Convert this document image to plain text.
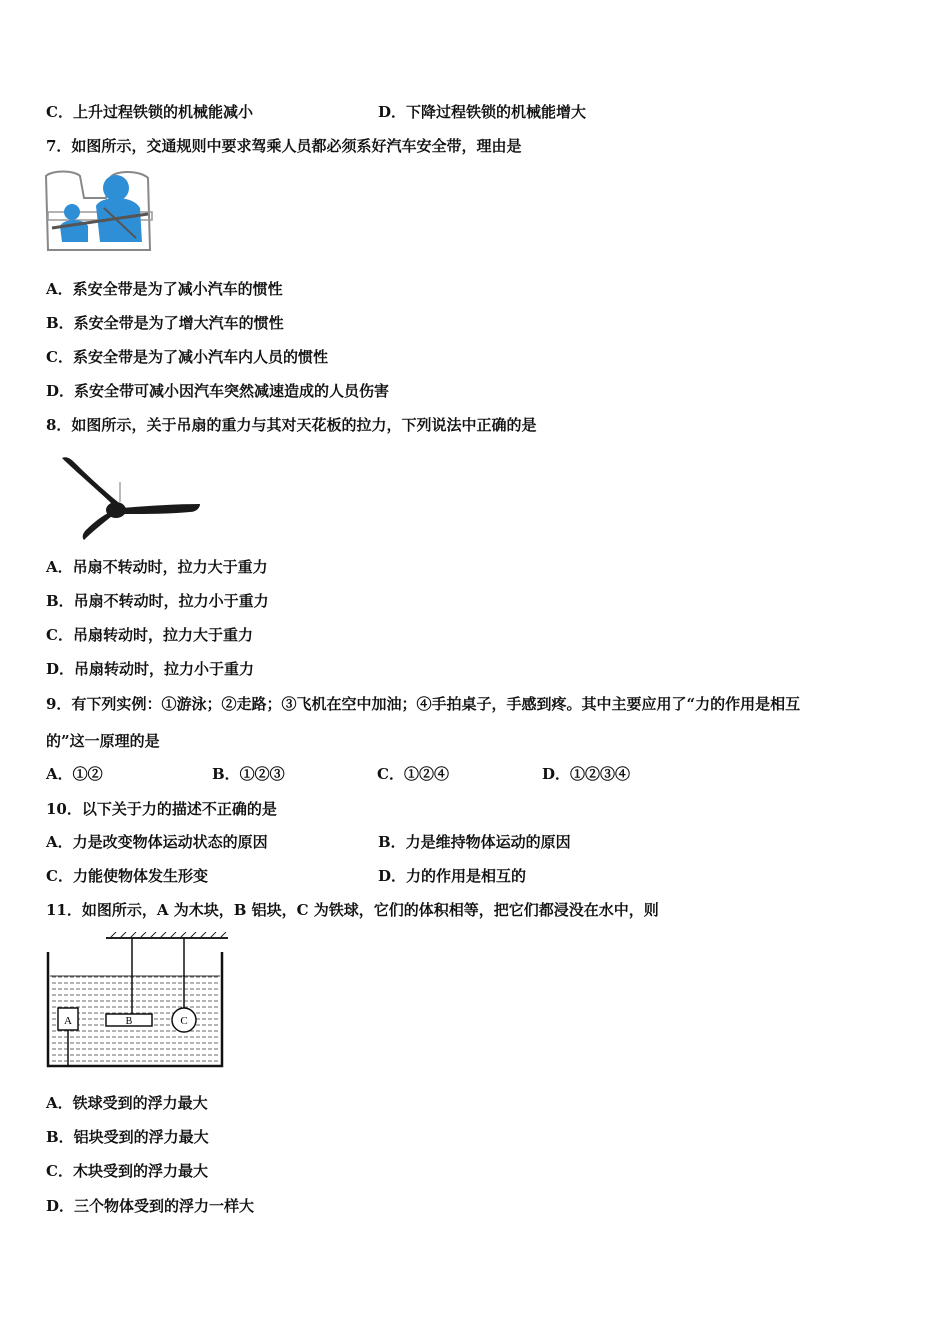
C．上升过程铁锁的机械能减小	D．下降过程铁锁的机械能增大
7．如图所示，交通规则中要求驾乘人员都必须系好汽车安全带，理由是
A．系安全带是为了减小汽车的惯性
B．系安全带是为了增大汽车的惯性
C．系安全带是为了减小汽车内人员的惯性
D．系安全带可减小因汽车突然减速造成的人员伤害
8．如图所示，关于吊扇的重力与其对天花板的拉力，下列说法中正确的是
A．吊扇不转动时，拉力大于重力
B．吊扇不转动时，拉力小于重力
C．吊扇转动时，拉力大于重力
D．吊扇转动时，拉力小于重力
9．有下列实例：①游泳；②走路；③飞机在空中加油；④手拍桌子，手感到疼。其中主要应用了“力的作用是相互
的”这一原理的是
A．①②	B．①②③	C．①②④	D．①②③④
10．以下关于力的描述不正确的是
A．力是改变物体运动状态的原因	B．力是维持物体运动的原因
C．力能使物体发生形变	D．力的作用是相互的
11．如图所示，A 为木块，B 铝块，C 为铁球，它们的体积相等，把它们都浸没在水中，则
A	B	C
A．铁球受到的浮力最大
B．铝块受到的浮力最大
C．木块受到的浮力最大
D．三个物体受到的浮力一样大
